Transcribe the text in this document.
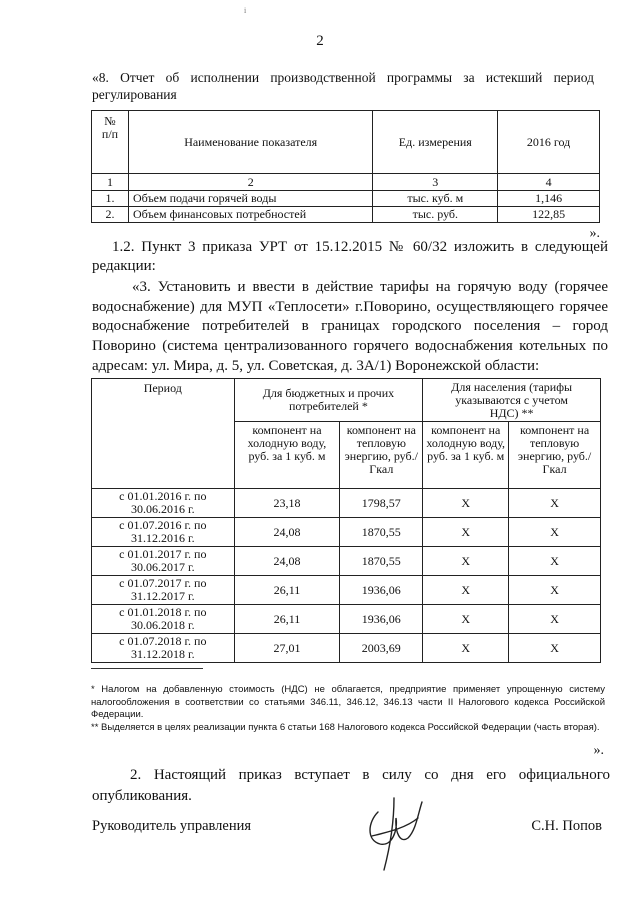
i
2
«8. Отчет об исполнении производственной программы за истекший период
регулирования
№ п/п	Наименование показателя	Ед. измерения	2016 год
1	2	3	4
1.	Объем подачи горячей воды	тыс. куб. м	1,146
2.	Объем финансовых потребностей	тыс. руб.	122,85
».
1.2. Пункт 3 приказа УРТ от 15.12.2015 № 60/32 изложить в следующей
редакции:
«3. Установить и ввести в действие тарифы на горячую воду (горячее водоснабжение) для МУП «Теплосети» г.Поворино, осуществляющего горячее водоснабжение потребителей в границах городского поселения – город Поворино (система централизованного горячего водоснабжения котельных по адресам: ул. Мира, д. 5, ул. Советская, д. 3А/1) Воронежской области:
Период	Для бюджетных и прочих потребителей *		Для населения (тарифы указываются с учетом НДС) **	
	компонент на холодную воду, руб. за 1 куб. м	компонент на тепловую энергию, руб./Гкал	компонент на холодную воду, руб. за 1 куб. м	компонент на тепловую энергию, руб./Гкал
с 01.01.2016 г. по
30.06.2016 г.	23,18	1798,57	Х	Х
с 01.07.2016 г. по
31.12.2016 г.	24,08	1870,55	Х	Х
с 01.01.2017 г. по
30.06.2017 г.	24,08	1870,55	Х	Х
с 01.07.2017 г. по
31.12.2017 г.	26,11	1936,06	Х	Х
с 01.01.2018 г. по
30.06.2018 г.	26,11	1936,06	Х	Х
с 01.07.2018 г. по
31.12.2018 г.	27,01	2003,69	Х	Х
* Налогом на добавленную стоимость (НДС) не облагается, предприятие применяет упрощенную систему налогообложения в соответствии со статьями 346.11, 346.12, 346.13 части II Налогового кодекса Российской Федерации.
** Выделяется в целях реализации пункта 6 статьи 168 Налогового кодекса Российской Федерации (часть вторая).
».
2. Настоящий приказ вступает в силу со дня его официального
опубликования.
Руководитель управления	С.Н. Попов
